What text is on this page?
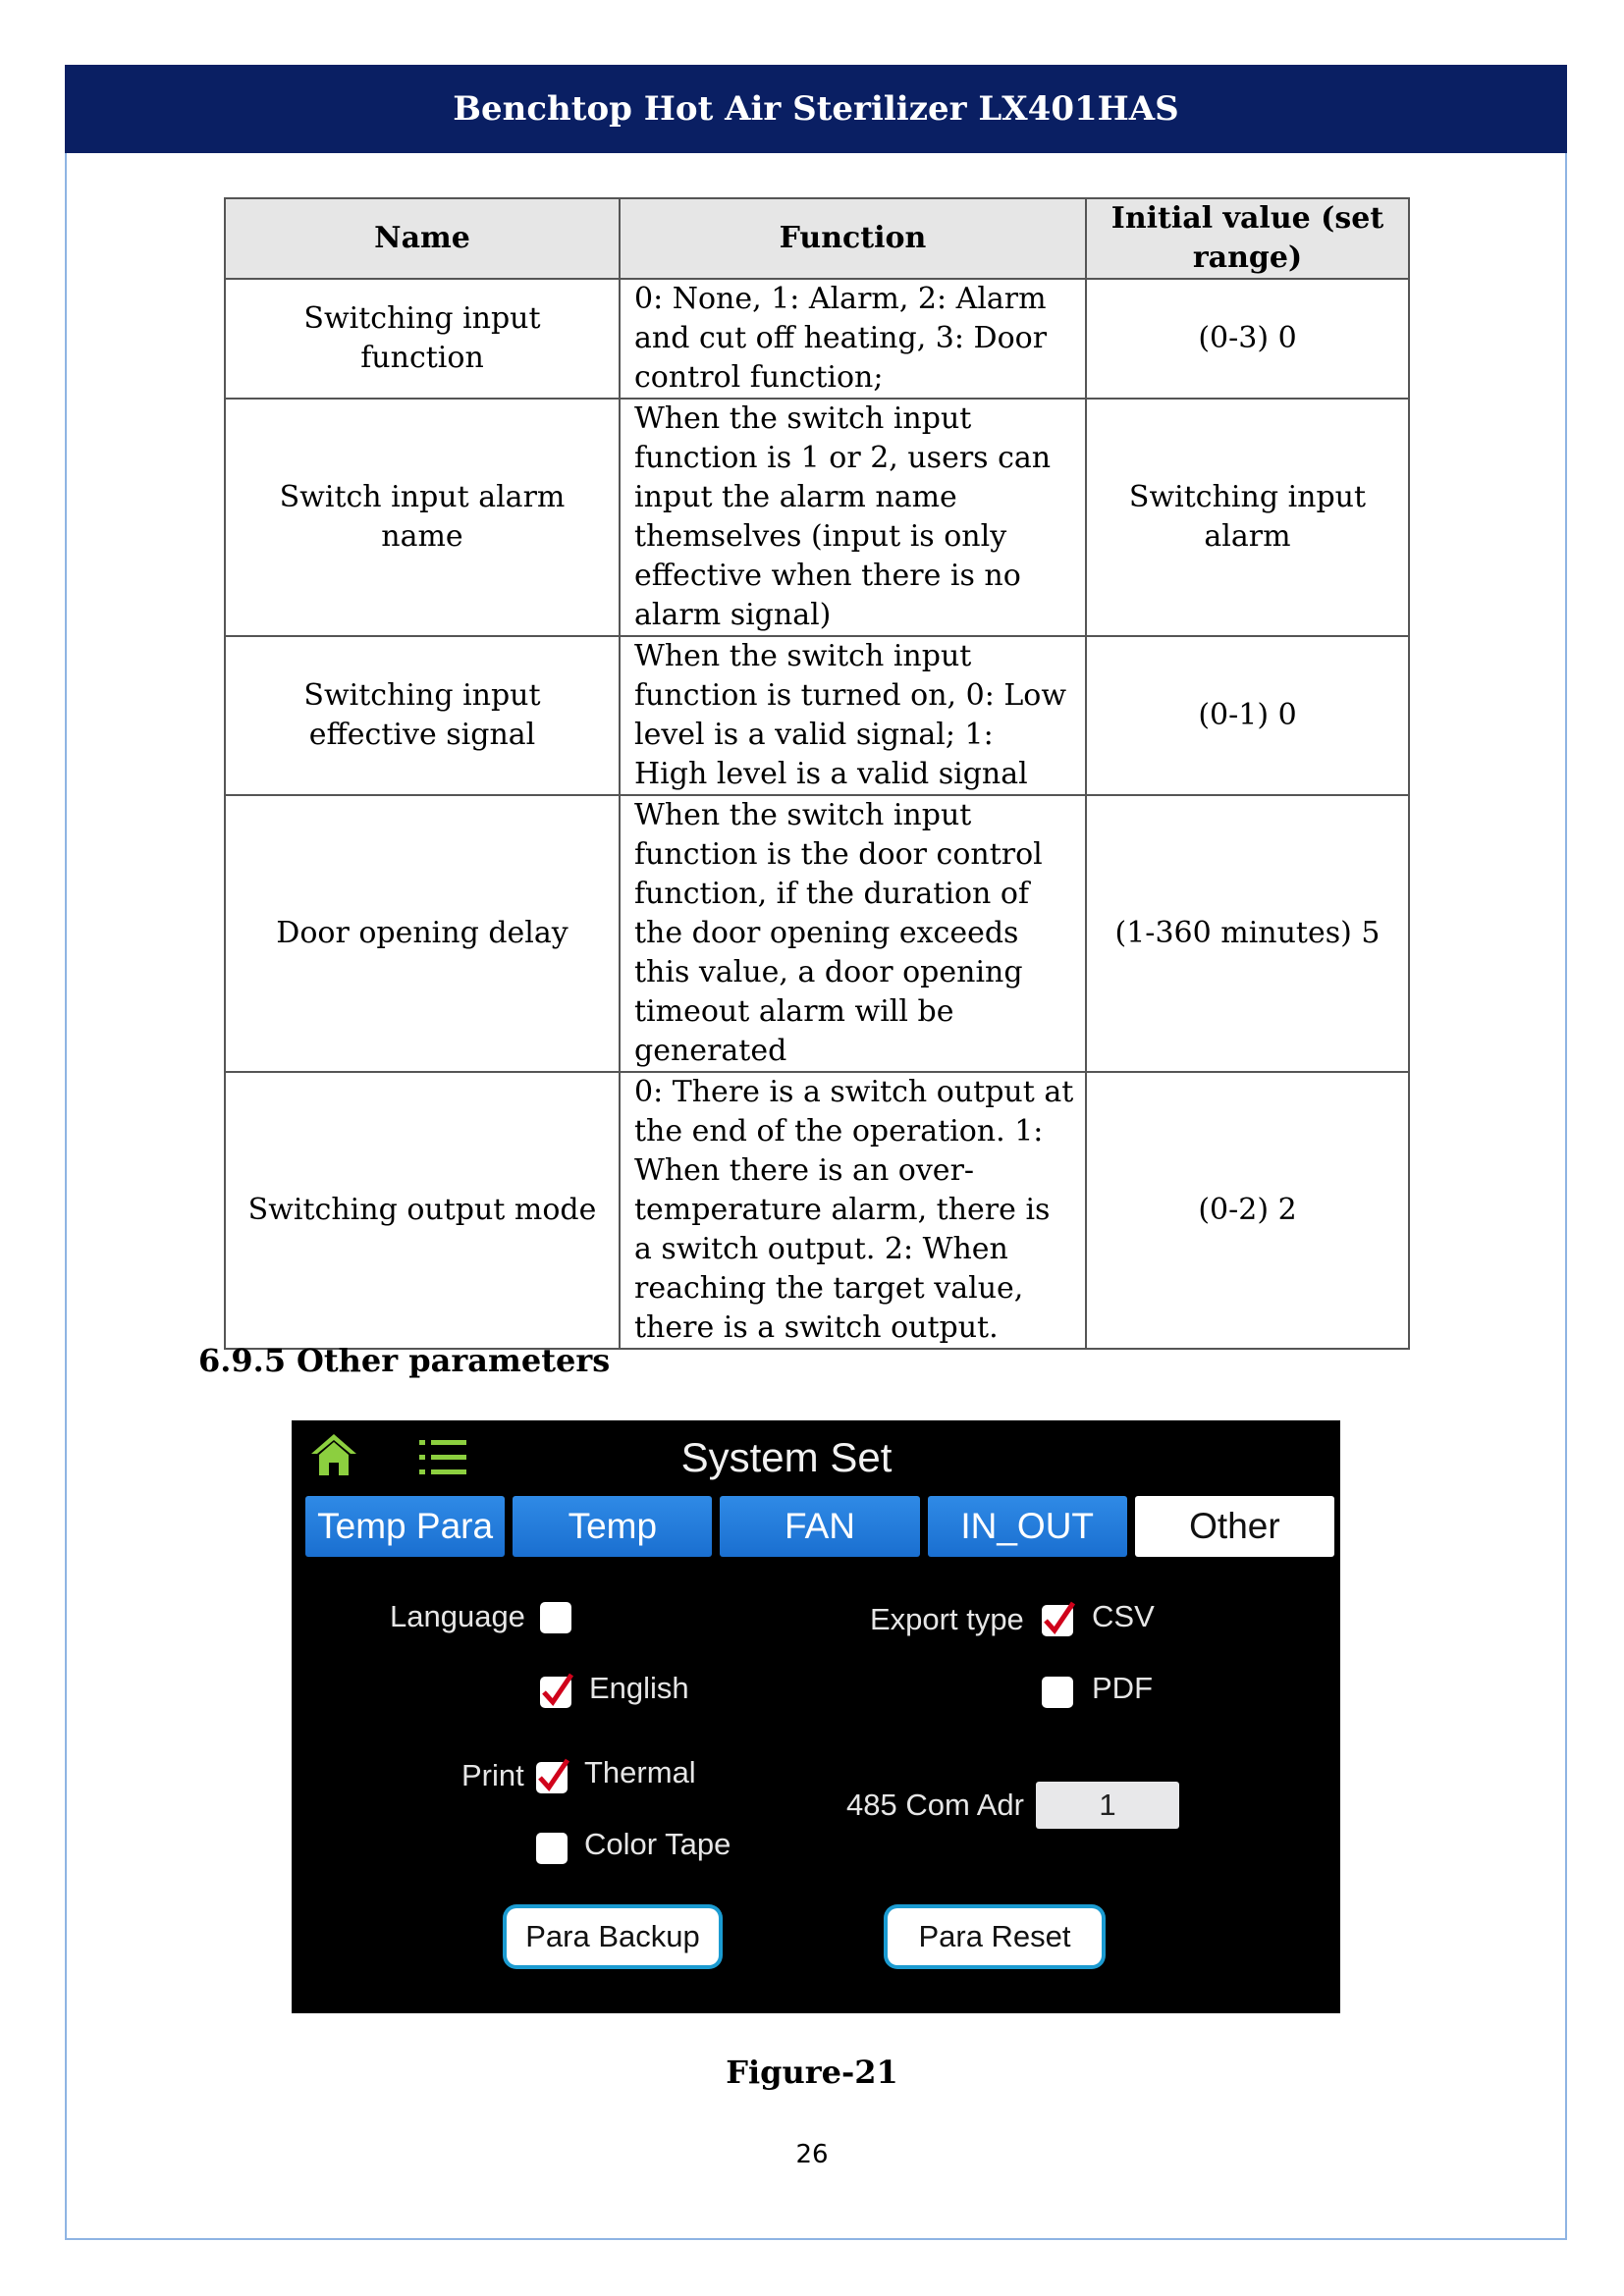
Benchtop Hot Air Sterilizer LX401HAS
Name	Function	Initial value (set range)
Switching input function	0: None, 1: Alarm, 2: Alarm and cut off heating, 3: Door control function;	(0-3) 0
Switch input alarm name	When the switch input function is 1 or 2, users can input the alarm name themselves (input is only effective when there is no alarm signal)	Switching input alarm
Switching input effective signal	When the switch input function is turned on, 0: Low level is a valid signal; 1: High level is a valid signal	(0-1) 0
Door opening delay	When the switch input function is the door control function, if the duration of the door opening exceeds this value, a door opening timeout alarm will be generated	(1-360 minutes) 5
Switching output mode	0: There is a switch output at the end of the operation. 1: When there is an over-temperature alarm, there is a switch output. 2: When reaching the target value, there is a switch output.	(0-2) 2
6.9.5 Other parameters
System Set
Temp Para	Temp	FAN	IN_OUT	Other
Language
English
Print Thermal
Color Tape
Export type CSV
PDF
485 Com Adr	1
Para Backup	Para Reset
Figure-21
26
